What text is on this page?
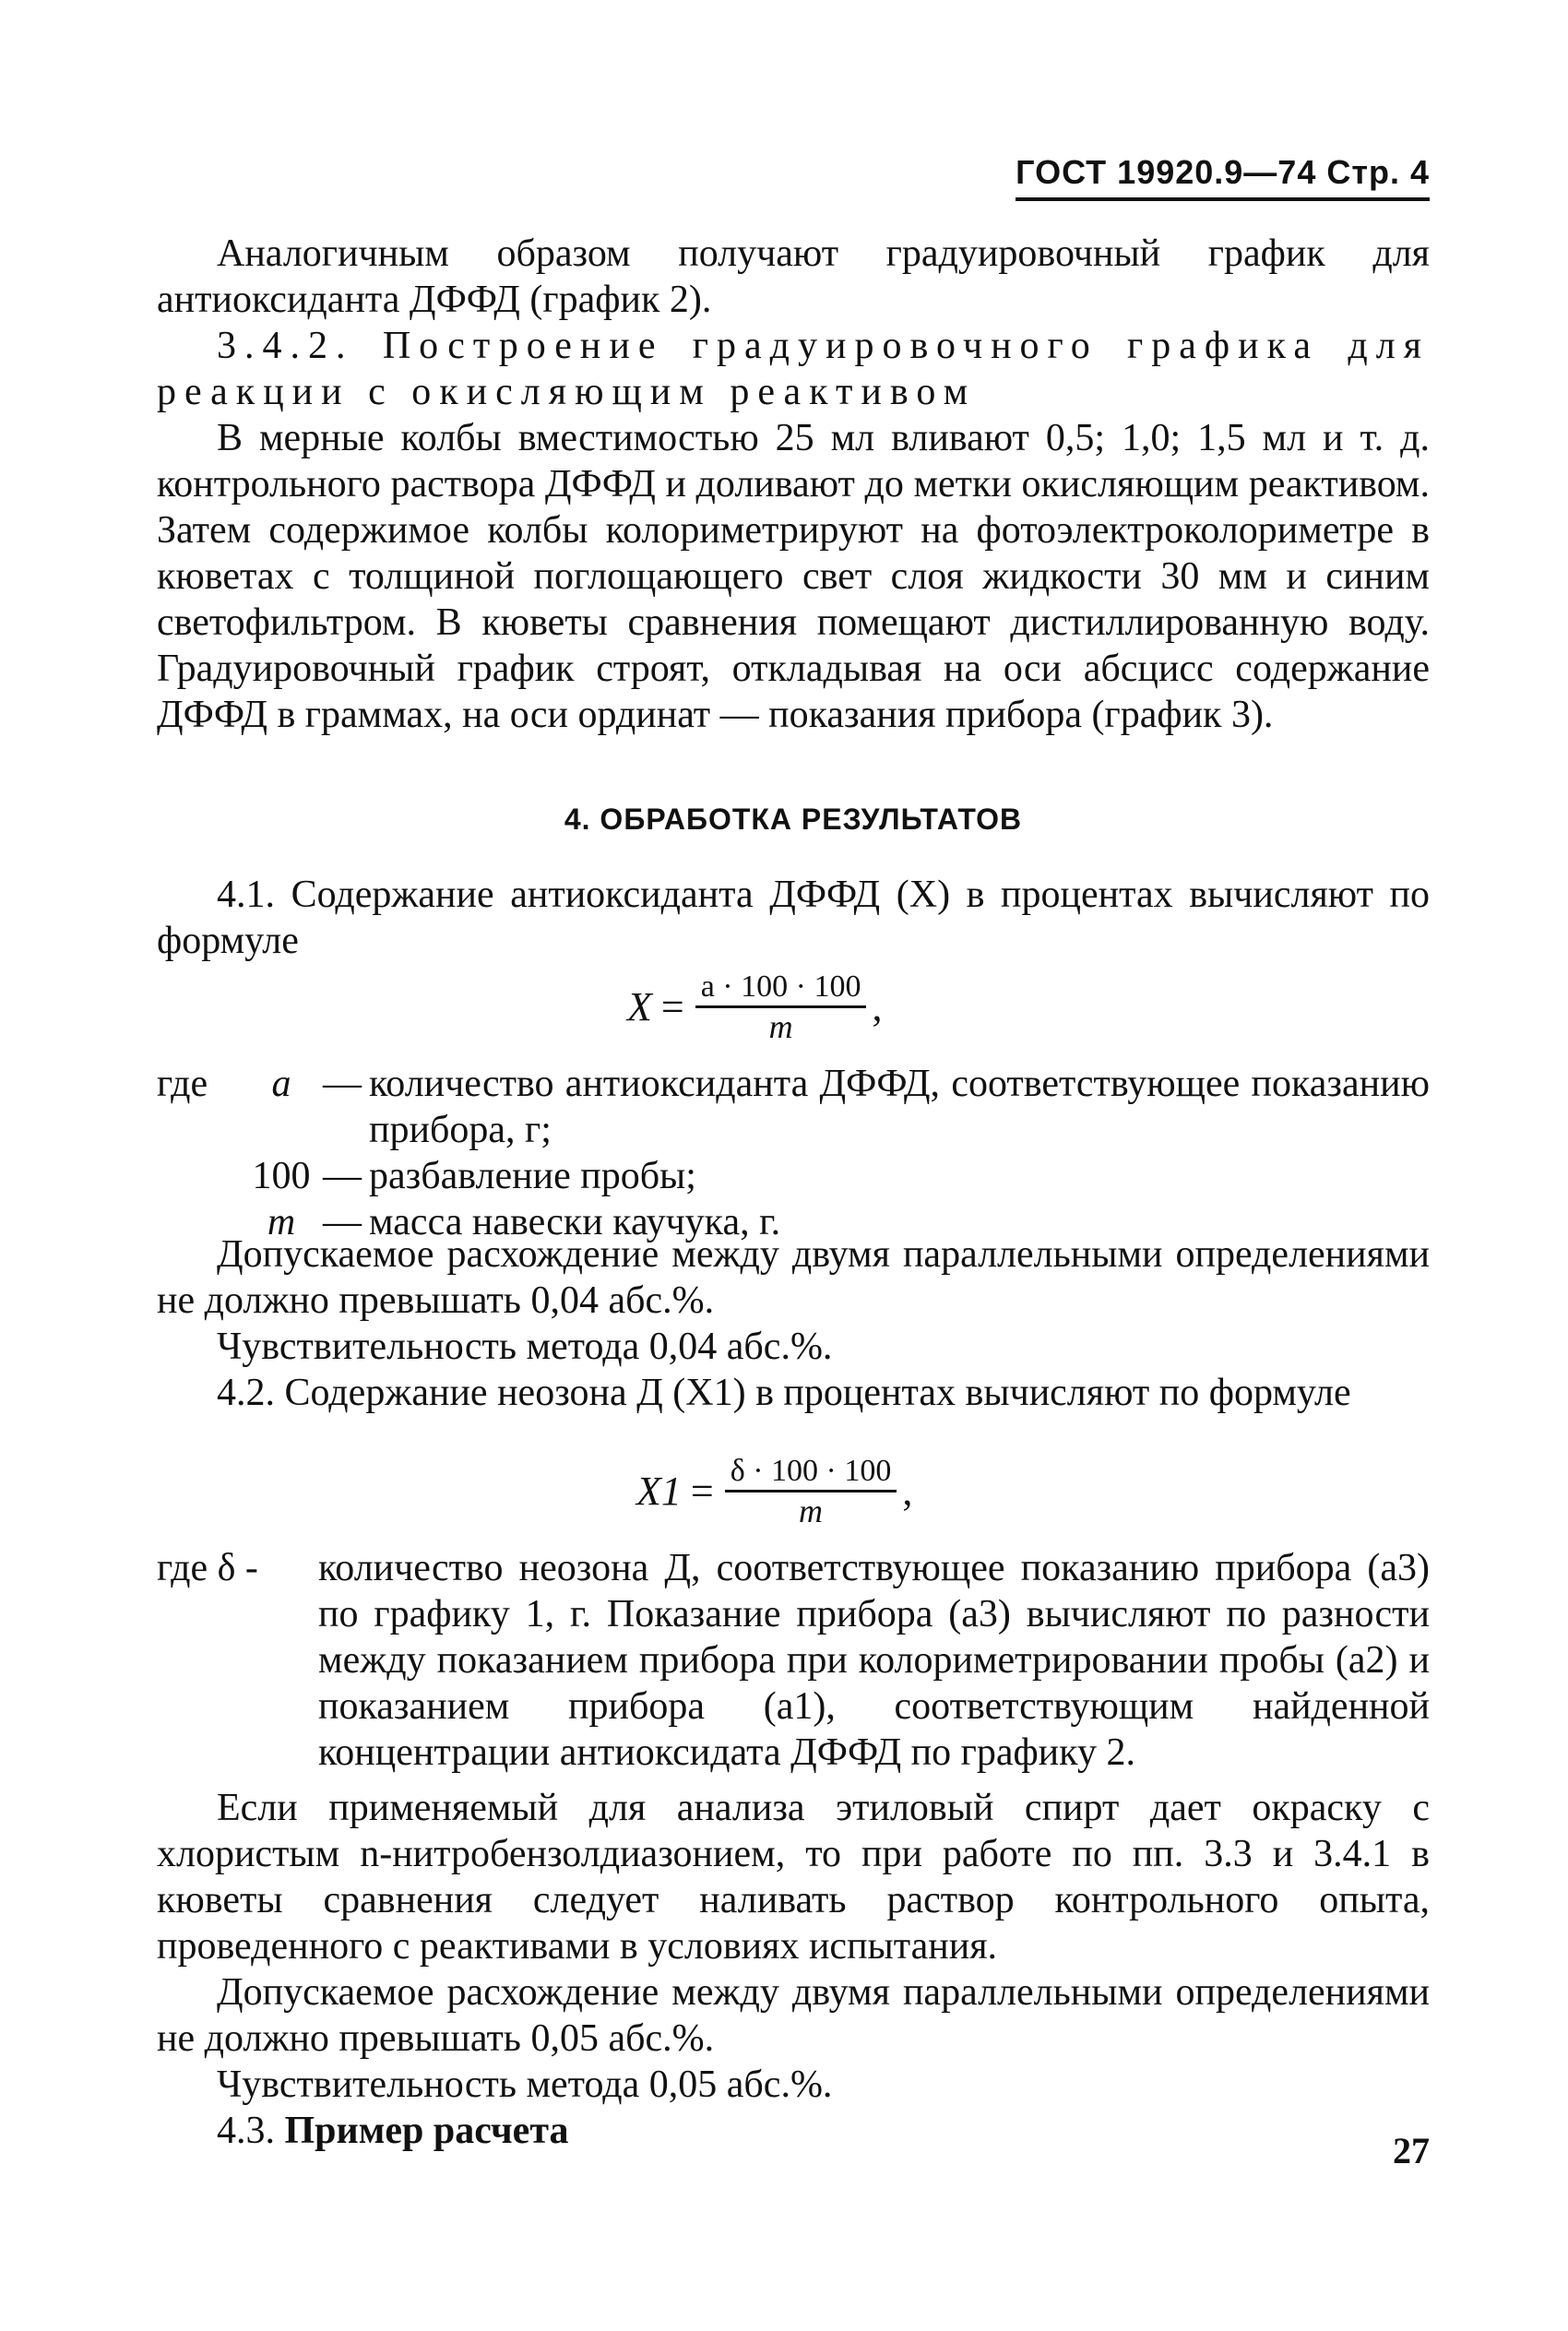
ГОСТ 19920.9—74 Стр. 4

Аналогичным образом получают градуировочный график для антиоксиданта ДФФД (график 2).

3.4.2. Построение градуировочного графика для реакции с окисляющим реактивом

В мерные колбы вместимостью 25 мл вливают 0,5; 1,0; 1,5 мл и т. д. контрольного раствора ДФФД и доливают до метки окисляющим реактивом. Затем содержимое колбы колориметрируют на фотоэлектроколориметре в кюветах с толщиной поглощающего свет слоя жидкости 30 мм и синим светофильтром. В кюветы сравнения помещают дистиллированную воду. Градуировочный график строят, откладывая на оси абсцисс содержание ДФФД в граммах, на оси ординат — показания прибора (график 3).

4. ОБРАБОТКА РЕЗУЛЬТАТОВ

4.1. Содержание антиоксиданта ДФФД (X) в процентах вычисляют по формуле

$X = \frac{a \cdot 100 \cdot 100}{m}$ ,
где	a — количество антиоксиданта ДФФД, соответствующее показанию прибора, г;
100 — разбавление пробы;
m — масса навески каучука, г.

Допускаемое расхождение между двумя параллельными определениями не должно превышать 0,04 абс.%.

Чувствительность метода 0,04 абс.%.

4.2. Содержание неозона Д (X1) в процентах вычисляют по формуле

$X1 = \frac{\delta \cdot 100 \cdot 100}{m}$ ,
где δ -	количество неозона Д, соответствующее показанию прибора (a3) по графику 1, г. Показание прибора (a3) вычисляют по разности между показанием прибора при колориметрировании пробы (a2) и показанием прибора (a1), соответствующим найденной концентрации антиоксидата ДФФД по графику 2.

Если применяемый для анализа этиловый спирт дает окраску с хлористым n-нитробензолдиазонием, то при работе по пп. 3.3 и 3.4.1 в кюветы сравнения следует наливать раствор контрольного опыта, проведенного с реактивами в условиях испытания.

Допускаемое расхождение между двумя параллельными определениями не должно превышать 0,05 абс.%.

Чувствительность метода 0,05 абс.%.

4.3. Пример расчета	27
